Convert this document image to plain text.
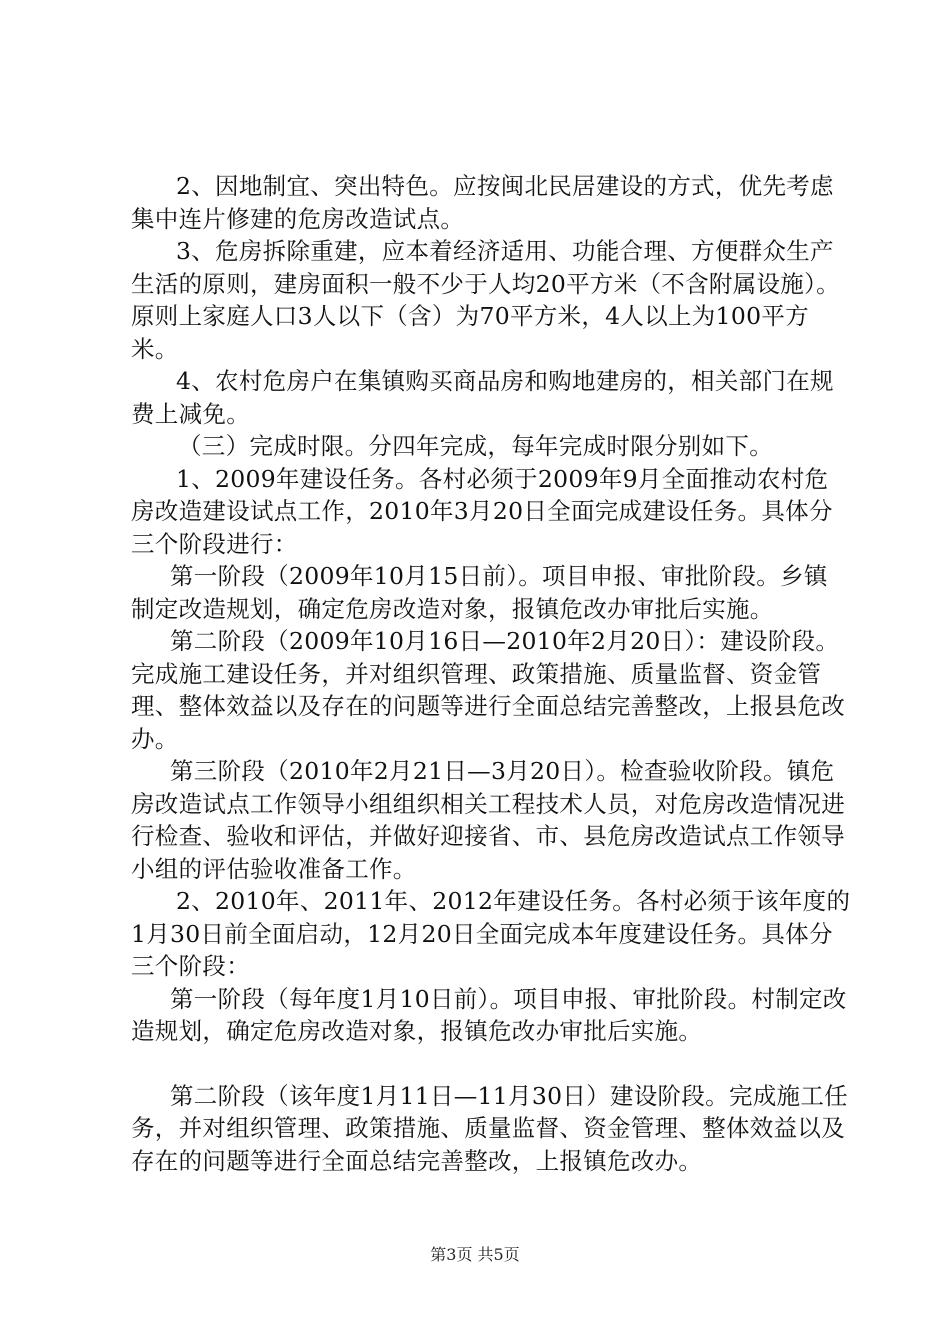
2、因地制宜、突出特色。应按闽北民居建设的方式，优先考虑集中连片修建的危房改造试点。

3、危房拆除重建，应本着经济适用、功能合理、方便群众生产生活的原则，建房面积一般不少于人均20平方米（不含附属设施）。原则上家庭人口3人以下（含）为70平方米，4人以上为100平方米。

4、农村危房户在集镇购买商品房和购地建房的，相关部门在规费上减免。

（三）完成时限。分四年完成，每年完成时限分别如下。

1、2009年建设任务。各村必须于2009年9月全面推动农村危房改造建设试点工作，2010年3月20日全面完成建设任务。具体分三个阶段进行：

第一阶段（2009年10月15日前）。项目申报、审批阶段。乡镇制定改造规划，确定危房改造对象，报镇危改办审批后实施。

第二阶段（2009年10月16日—2010年2月20日）：建设阶段。完成施工建设任务，并对组织管理、政策措施、质量监督、资金管理、整体效益以及存在的问题等进行全面总结完善整改，上报县危改办。

第三阶段（2010年2月21日—3月20日）。检查验收阶段。镇危房改造试点工作领导小组组织相关工程技术人员，对危房改造情况进行检查、验收和评估，并做好迎接省、市、县危房改造试点工作领导小组的评估验收准备工作。

2、2010年、2011年、2012年建设任务。各村必须于该年度的1月30日前全面启动，12月20日全面完成本年度建设任务。具体分三个阶段：

第一阶段（每年度1月10日前）。项目申报、审批阶段。村制定改造规划，确定危房改造对象，报镇危改办审批后实施。

第二阶段（该年度1月11日—11月30日）建设阶段。完成施工任务，并对组织管理、政策措施、质量监督、资金管理、整体效益以及存在的问题等进行全面总结完善整改，上报镇危改办。

第3页 共5页
